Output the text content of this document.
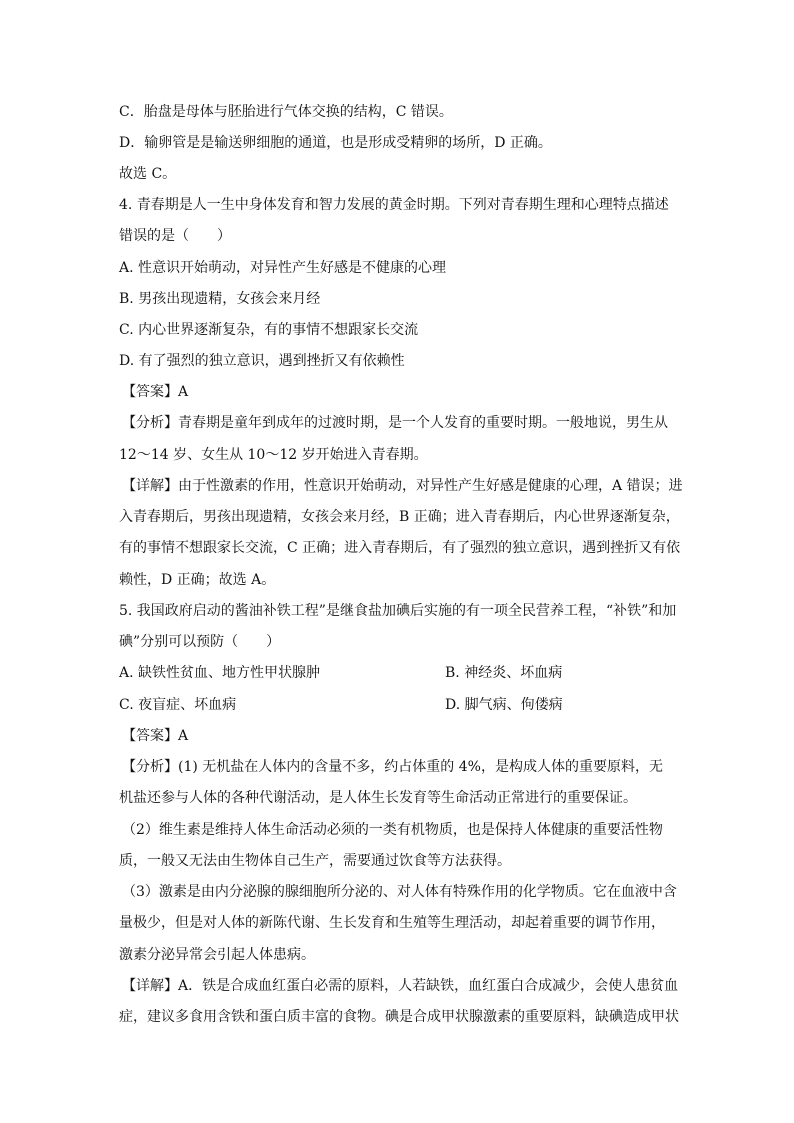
C．胎盘是母体与胚胎进行气体交换的结构，C 错误。
D．输卵管是是输送卵细胞的通道，也是形成受精卵的场所，D 正确。
故选 C。
4. 青春期是人一生中身体发育和智力发展的黄金时期。下列对青春期生理和心理特点描述
错误的是（　　）
A. 性意识开始萌动，对异性产生好感是不健康的心理
B. 男孩出现遗精，女孩会来月经
C. 内心世界逐渐复杂，有的事情不想跟家长交流
D. 有了强烈的独立意识，遇到挫折又有依赖性
【答案】A
【分析】青春期是童年到成年的过渡时期，是一个人发育的重要时期。一般地说，男生从
12～14 岁、女生从 10～12 岁开始进入青春期。
【详解】由于性激素的作用，性意识开始萌动，对异性产生好感是健康的心理，A 错误；进
入青春期后，男孩出现遗精，女孩会来月经，B 正确；进入青春期后，内心世界逐渐复杂，
有的事情不想跟家长交流，C 正确；进入青春期后，有了强烈的独立意识，遇到挫折又有依
赖性，D 正确；故选 A。
5. 我国政府启动的酱油补铁工程”是继食盐加碘后实施的有一项全民营养工程，“补铁”和加
碘”分别可以预防（　　）
A. 缺铁性贫血、地方性甲状腺肿	B. 神经炎、坏血病
C. 夜盲症、坏血病	D. 脚气病、佝偻病
【答案】A
【分析】(1) 无机盐在人体内的含量不多，约占体重的 4%，是构成人体的重要原料，无
机盐还参与人体的各种代谢活动，是人体生长发育等生命活动正常进行的重要保证。
（2）维生素是维持人体生命活动必须的一类有机物质，也是保持人体健康的重要活性物
质，一般又无法由生物体自己生产，需要通过饮食等方法获得。
（3）激素是由内分泌腺的腺细胞所分泌的、对人体有特殊作用的化学物质。它在血液中含
量极少，但是对人体的新陈代谢、生长发育和生殖等生理活动，却起着重要的调节作用，
激素分泌异常会引起人体患病。
【详解】A．铁是合成血红蛋白必需的原料，人若缺铁，血红蛋白合成减少，会使人患贫血
症，建议多食用含铁和蛋白质丰富的食物。碘是合成甲状腺激素的重要原料，缺碘造成甲状
